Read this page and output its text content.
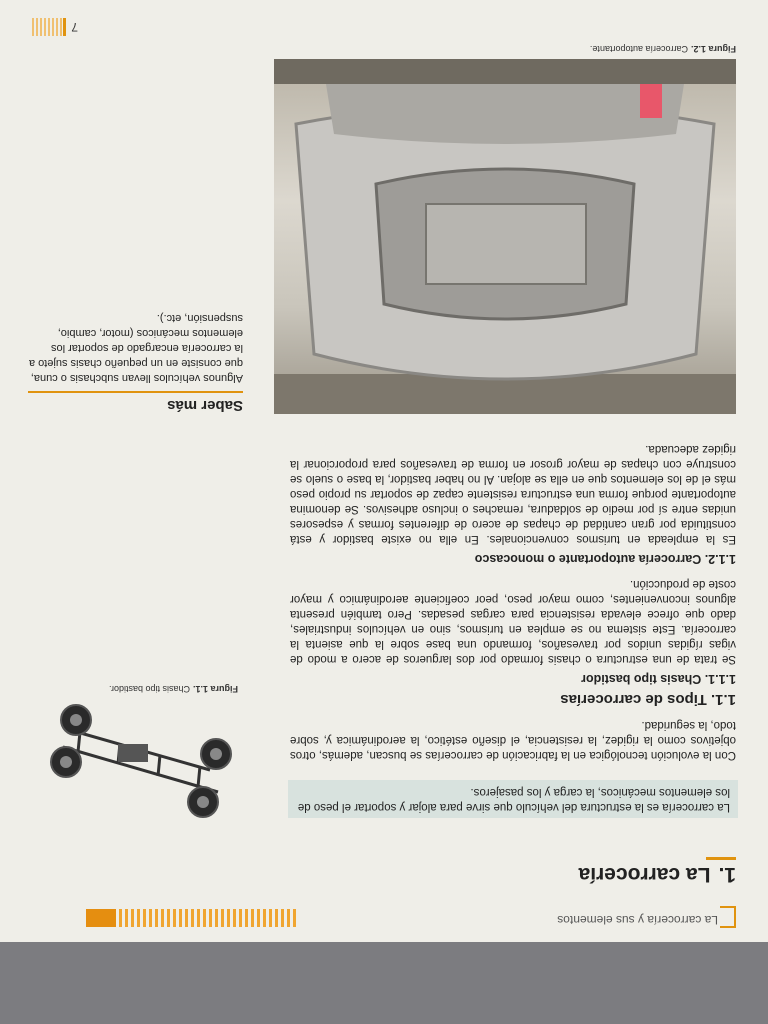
La carrocería y sus elementos
1.La carrocería
La carrocería es la estructura del vehículo que sirve para alojar y soportar el peso de los elementos mecánicos, la carga y los pasajeros.

Con la evolución tecnológica en la fabricación de carrocerías se buscan, además, otros objetivos como la rigidez, la resistencia, el diseño estético, la aerodinámica y, sobre todo, la seguridad.

1.1. Tipos de carrocerías
1.1.1. Chasis tipo bastidor

Se trata de una estructura o chasis formado por dos largueros de acero a modo de vigas rígidas unidos por travesaños, formando una base sobre la que asienta la carrocería. Este sistema no se emplea en turismos, sino en vehículos industriales, dado que ofrece elevada resistencia para cargas pesadas. Pero también presenta algunos inconvenientes, como mayor peso, peor coeficiente aerodinámico y mayor coste de producción.

1.1.2. Carrocería autoportante o monocasco

Es la empleada en turismos convencionales. En ella no existe bastidor y está constituida por gran cantidad de chapas de acero de diferentes formas y espesores unidas entre sí por medio de soldadura, remaches o incluso adhesivos. Se denomina autoportante porque forma una estructura resistente capaz de soportar su propio peso más el de los elementos que en ella se alojan. Al no haber bastidor, la base o suelo se construye con chapas de mayor grosor en forma de travesaños para proporcionar la rigidez adecuada.

Figura 1.1.Chasis tipo bastidor.
Figura 1.2.Carrocería autoportante.
Saber más

Algunos vehículos llevan subchasis o cuna, que consiste en un pequeño chasis sujeto a la carrocería encargado de soportar los elementos mecánicos (motor, cambio, suspensión, etc.).

7
